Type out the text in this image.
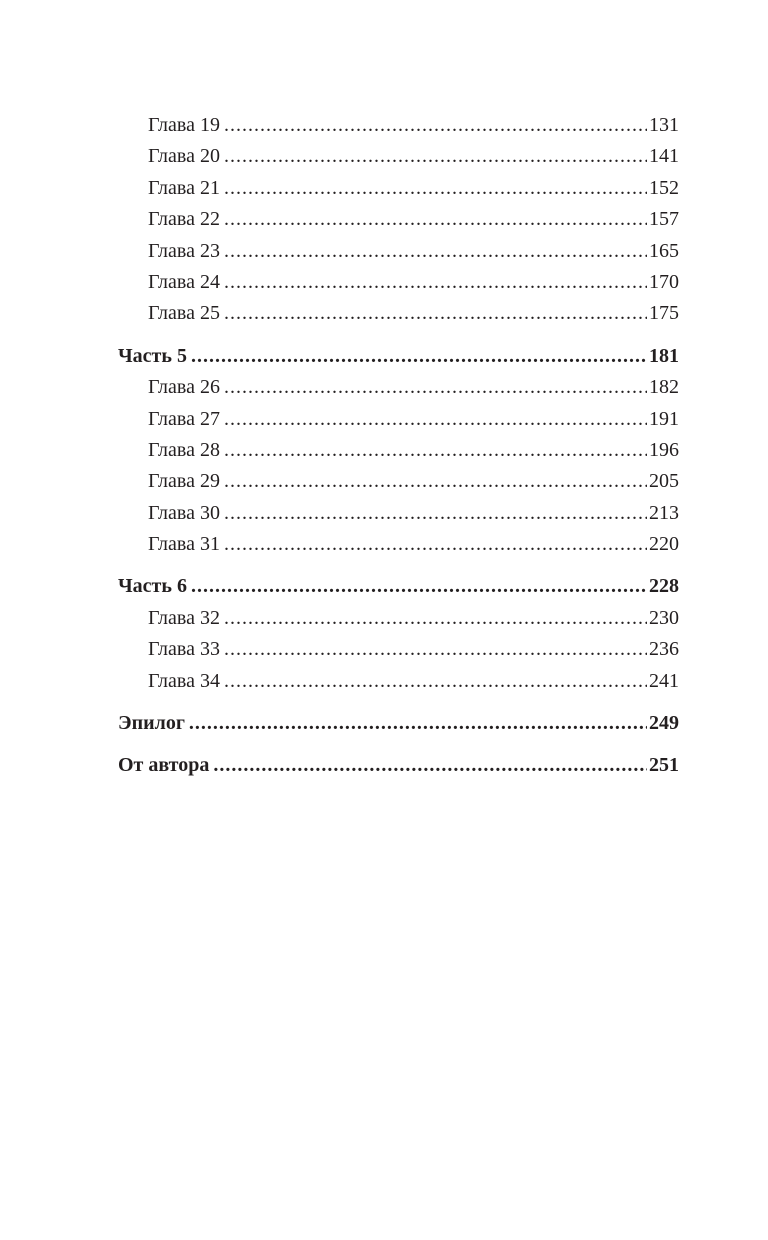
Глава 19 .....	131
Глава 20 .....	141
Глава 21 .....	152
Глава 22 .....	157
Глава 23 .....	165
Глава 24 .....	170
Глава 25 .....	175
Часть 5 .....	181
Глава 26 .....	182
Глава 27 .....	191
Глава 28 .....	196
Глава 29 .....	205
Глава 30 .....	213
Глава 31 .....	220
Часть 6 .....	228
Глава 32 .....	230
Глава 33 .....	236
Глава 34 .....	241
Эпилог .....	249
От автора .....	251
